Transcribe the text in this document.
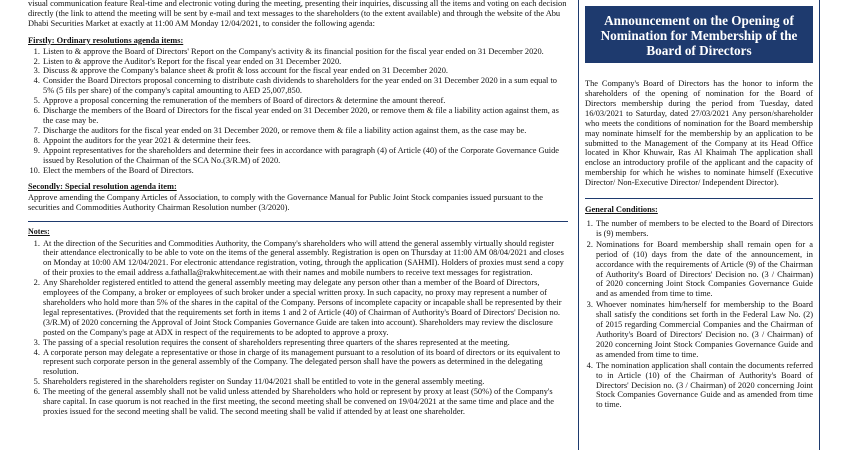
visual communication feature Real-time and electronic voting during the meeting, presenting their inquiries, discussing all the items and voting on each decision directly (the link to attend the meeting will be sent by e-mail and text messages to the shareholders (to the extent available) and through the website of the Abu Dhabi Securities Market at exactly at 11:00 AM Monday 12/04/2021, to consider the following agenda:

Firstly: Ordinary resolutions agenda items:

1. Listen to & approve the Board of Directors' Report on the Company's activity & its financial position for the fiscal year ended on 31 December 2020.
2. Listen to & approve the Auditor's Report for the fiscal year ended on 31 December 2020.
3. Discuss & approve the Company's balance sheet & profit & loss account for the fiscal year ended on 31 December 2020.
4. Consider the Board Directors proposal concerning to distribute cash dividends to shareholders for the year ended on 31 December 2020 in a sum equal to 5% (5 fils per share) of the company's capital amounting to AED 25,007,850.
5. Approve a proposal concerning the remuneration of the members of Board of directors & determine the amount thereof.
6. Discharge the members of the Board of Directors for the fiscal year ended on 31 December 2020, or remove them & file a liability action against them, as the case may be.
7. Discharge the auditors for the fiscal year ended on 31 December 2020, or remove them & file a liability action against them, as the case may be.
8. Appoint the auditors for the year 2021 & determine their fees.
9. Appoint representatives for the shareholders and determine their fees in accordance with paragraph (4) of Article (40) of the Corporate Governance Guide issued by Resolution of the Chairman of the SCA No.(3/R.M) of 2020.
10. Elect the members of the Board of Directors.

Secondly: Special resolution agenda item:

Approve amending the Company Articles of Association, to comply with the Governance Manual for Public Joint Stock companies issued pursuant to the securities and Commodities Authority Chairman Resolution number (3/2020).

Notes:

1. At the direction of the Securities and Commodities Authority, the Company's shareholders who will attend the general assembly virtually should register their attendance electronically to be able to vote on the items of the general assembly. Registration is open on Thursday at 11:00 AM 08/04/2021 and closes on Monday at 10:00 AM 12/04/2021. For electronic attendance registration, voting, through the application (SAHMI). Holders of proxies must send a copy of their proxies to the email address a.fathalla@rakwhitecement.ae with their names and mobile numbers to receive text messages for registration.
2. Any Shareholder registered entitled to attend the general assembly meeting may delegate any person other than a member of the Board of Directors, employees of the Company, a broker or employees of such broker under a special written proxy. In such capacity, no proxy may represent a number of shareholders who hold more than 5% of the shares in the capital of the Company. Persons of incomplete capacity or incapable shall be represented by their legal representatives. (Provided that the requirements set forth in items 1 and 2 of Article (40) of Chairman of Authority's Board of Directors' Decision no. (3/R.M) of 2020 concerning the Approval of Joint Stock Companies Governance Guide are taken into account). Shareholders may review the disclosure posted on the Company's page at ADX in respect of the requirements to be adopted to approve a proxy.
3. The passing of a special resolution requires the consent of shareholders representing three quarters of the shares represented at the meeting.
4. A corporate person may delegate a representative or those in charge of its management pursuant to a resolution of its board of directors or its equivalent to represent such corporate person in the general assembly of the Company. The delegated person shall have the powers as determined in the delegating resolution.
5. Shareholders registered in the shareholders register on Sunday 11/04/2021 shall be entitled to vote in the general assembly meeting.
6. The meeting of the general assembly shall not be valid unless attended by Shareholders who hold or represent by proxy at least (50%) of the Company's share capital. In case quorum is not reached in the first meeting, the second meeting shall be convened on 19/04/2021 at the same time and place and the proxies issued for the second meeting shall be valid. The second meeting shall be valid if attended by at least one shareholder.
Announcement on the Opening of Nomination for Membership of the Board of Directors

The Company's Board of Directors has the honor to inform the shareholders of the opening of nomination for the Board of Directors membership during the period from Tuesday, dated 16/03/2021 to Saturday, dated 27/03/2021 Any person/shareholder who meets the conditions of nomination for the Board membership may nominate himself for the membership by an application to be submitted to the Management of the Company at its Head Office located in Khor Khuwair, Ras Al Khaimah The application shall enclose an introductory profile of the applicant and the capacity of membership for which he wishes to nominate himself (Executive Director/ Non-Executive Director/ Independent Director).

General Conditions:

1. The number of members to be elected to the Board of Directors is (9) members.
2. Nominations for Board membership shall remain open for a period of (10) days from the date of the announcement, in accordance with the requirements of Article (9) of the Chairman of Authority's Board of Directors' Decision no. (3 / Chairman) of 2020 concerning Joint Stock Companies Governance Guide and as amended from time to time.
3. Whoever nominates him/herself for membership to the Board shall satisfy the conditions set forth in the Federal Law No. (2) of 2015 regarding Commercial Companies and the Chairman of Authority's Board of Directors' Decision no. (3 / Chairman) of 2020 concerning Joint Stock Companies Governance Guide and as amended from time to time.
4. The nomination application shall contain the documents referred to in Article (10) of the Chairman of Authority's Board of Directors' Decision no. (3 / Chairman) of 2020 concerning Joint Stock Companies Governance Guide and as amended from time to time.
